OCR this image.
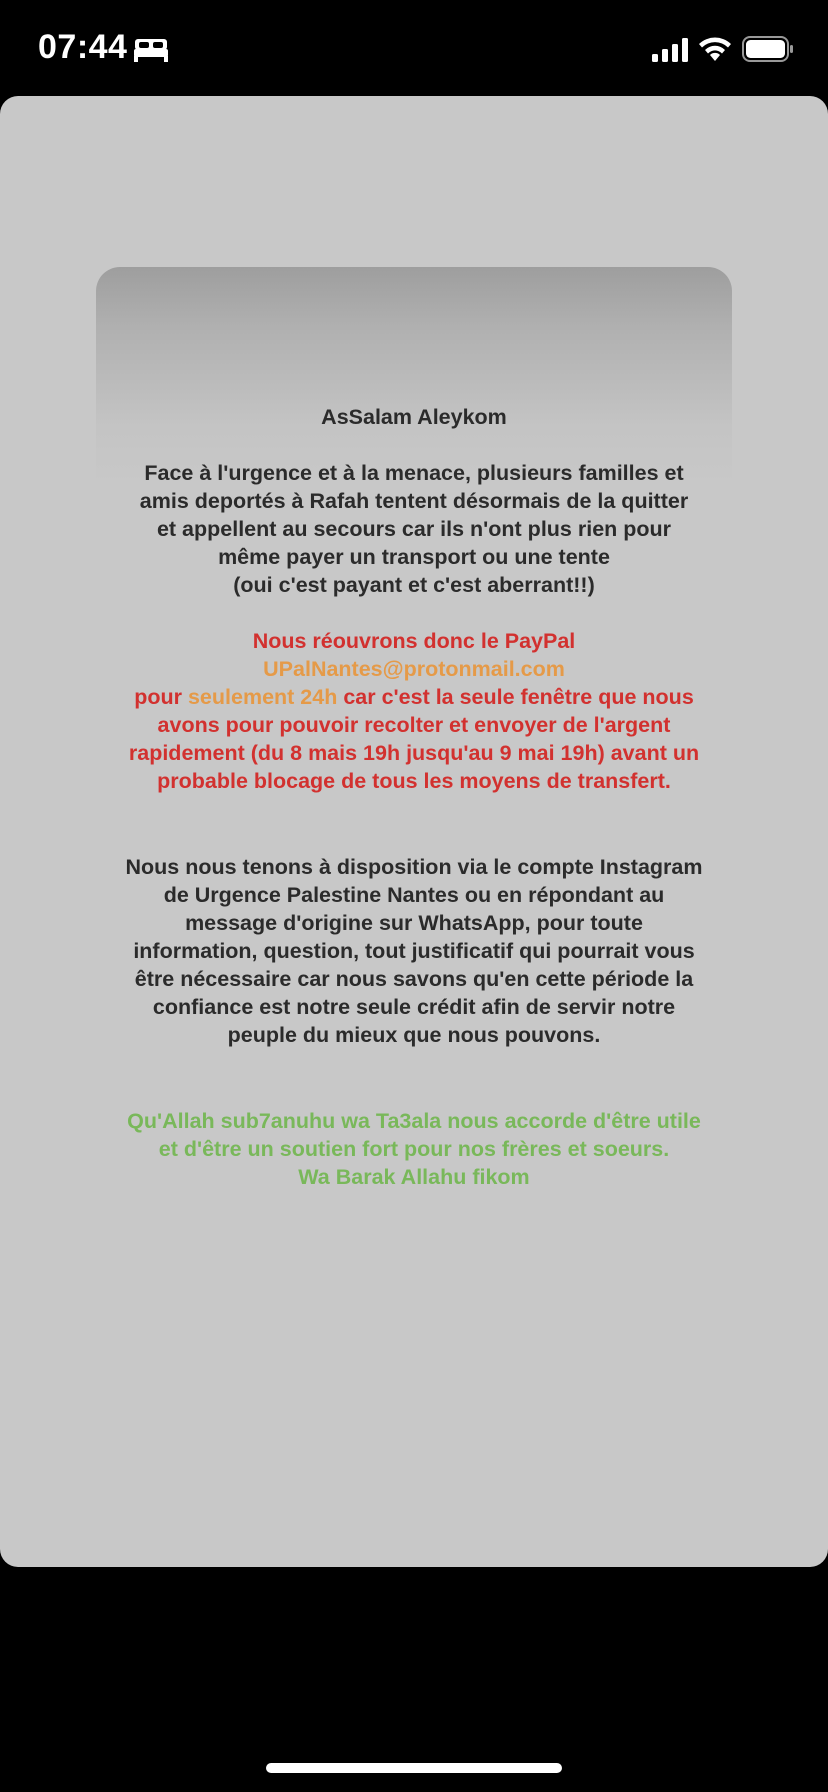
07:44
AsSalam Aleykom
Face à l'urgence et à la menace, plusieurs familles et
amis deportés à Rafah tentent désormais de la quitter
et appellent au secours car ils n'ont plus rien pour
même payer un transport ou une tente
(oui c'est payant et c'est aberrant!!)
Nous réouvrons donc le PayPal
UPalNantes@protonmail.com
pour seulement 24h car c'est la seule fenêtre que nous
avons pour pouvoir recolter et envoyer de l'argent
rapidement (du 8 mais 19h jusqu'au 9 mai 19h) avant un
probable blocage de tous les moyens de transfert.
Nous nous tenons à disposition via le compte Instagram
de Urgence Palestine Nantes ou en répondant au
message d'origine sur WhatsApp, pour toute
information, question, tout justificatif qui pourrait vous
être nécessaire car nous savons qu'en cette période la
confiance est notre seule crédit afin de servir notre
peuple du mieux que nous pouvons.
Qu'Allah sub7anuhu wa Ta3ala nous accorde d'être utile
et d'être un soutien fort pour nos frères et soeurs.
Wa Barak Allahu fikom
